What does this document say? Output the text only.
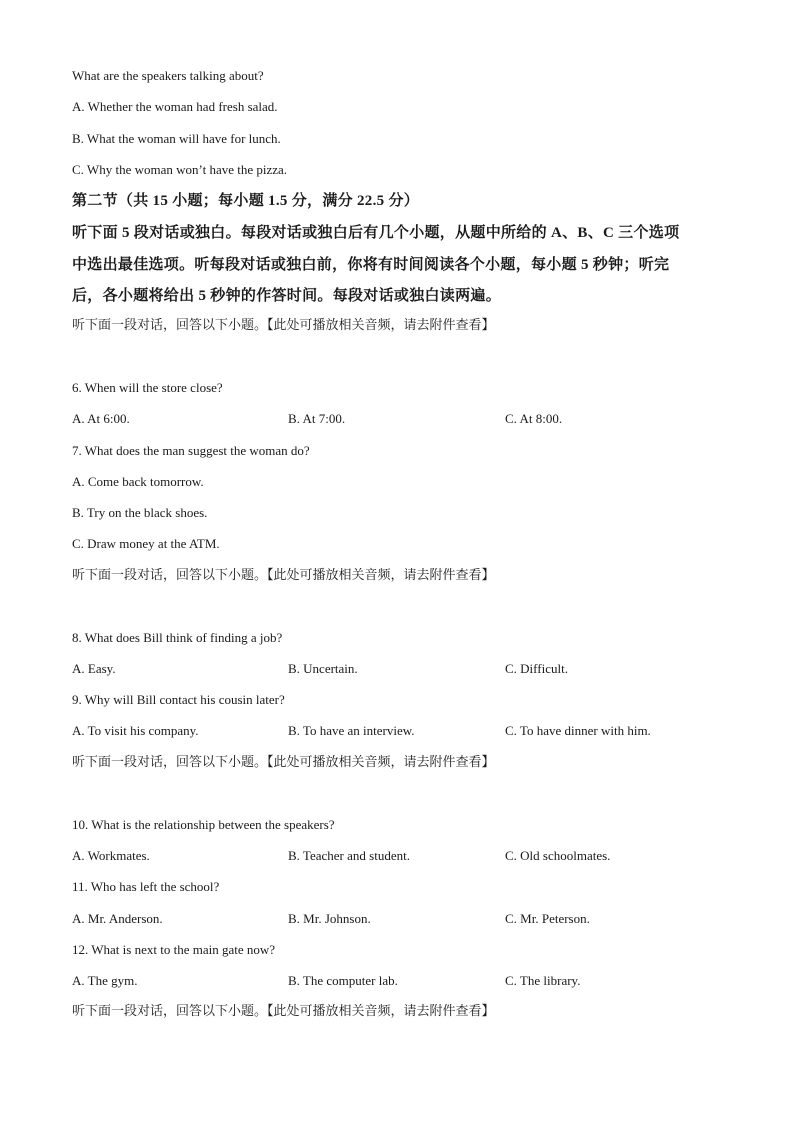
What are the speakers talking about?
A. Whether the woman had fresh salad.
B. What the woman will have for lunch.
C. Why the woman won’t have the pizza.
第二节（共 15 小题；每小题 1.5 分，满分 22.5 分）
听下面 5 段对话或独白。每段对话或独白后有几个小题，从题中所给的 A、B、C 三个选项
中选出最佳选项。听每段对话或独白前，你将有时间阅读各个小题，每小题 5 秒钟；听完
后，各小题将给出 5 秒钟的作答时间。每段对话或独白读两遍。
听下面一段对话，回答以下小题。【此处可播放相关音频，请去附件查看】
6. When will the store close?
A. At 6:00.	B. At 7:00.	C. At 8:00.
7. What does the man suggest the woman do?
A. Come back tomorrow.
B. Try on the black shoes.
C. Draw money at the ATM.
听下面一段对话，回答以下小题。【此处可播放相关音频，请去附件查看】
8. What does Bill think of finding a job?
A. Easy.	B. Uncertain.	C. Difficult.
9. Why will Bill contact his cousin later?
A. To visit his company.	B. To have an interview.	C. To have dinner with him.
听下面一段对话，回答以下小题。【此处可播放相关音频，请去附件查看】
10. What is the relationship between the speakers?
A. Workmates.	B. Teacher and student.	C. Old schoolmates.
11. Who has left the school?
A. Mr. Anderson.	B. Mr. Johnson.	C. Mr. Peterson.
12. What is next to the main gate now?
A. The gym.	B. The computer lab.	C. The library.
听下面一段对话，回答以下小题。【此处可播放相关音频，请去附件查看】
